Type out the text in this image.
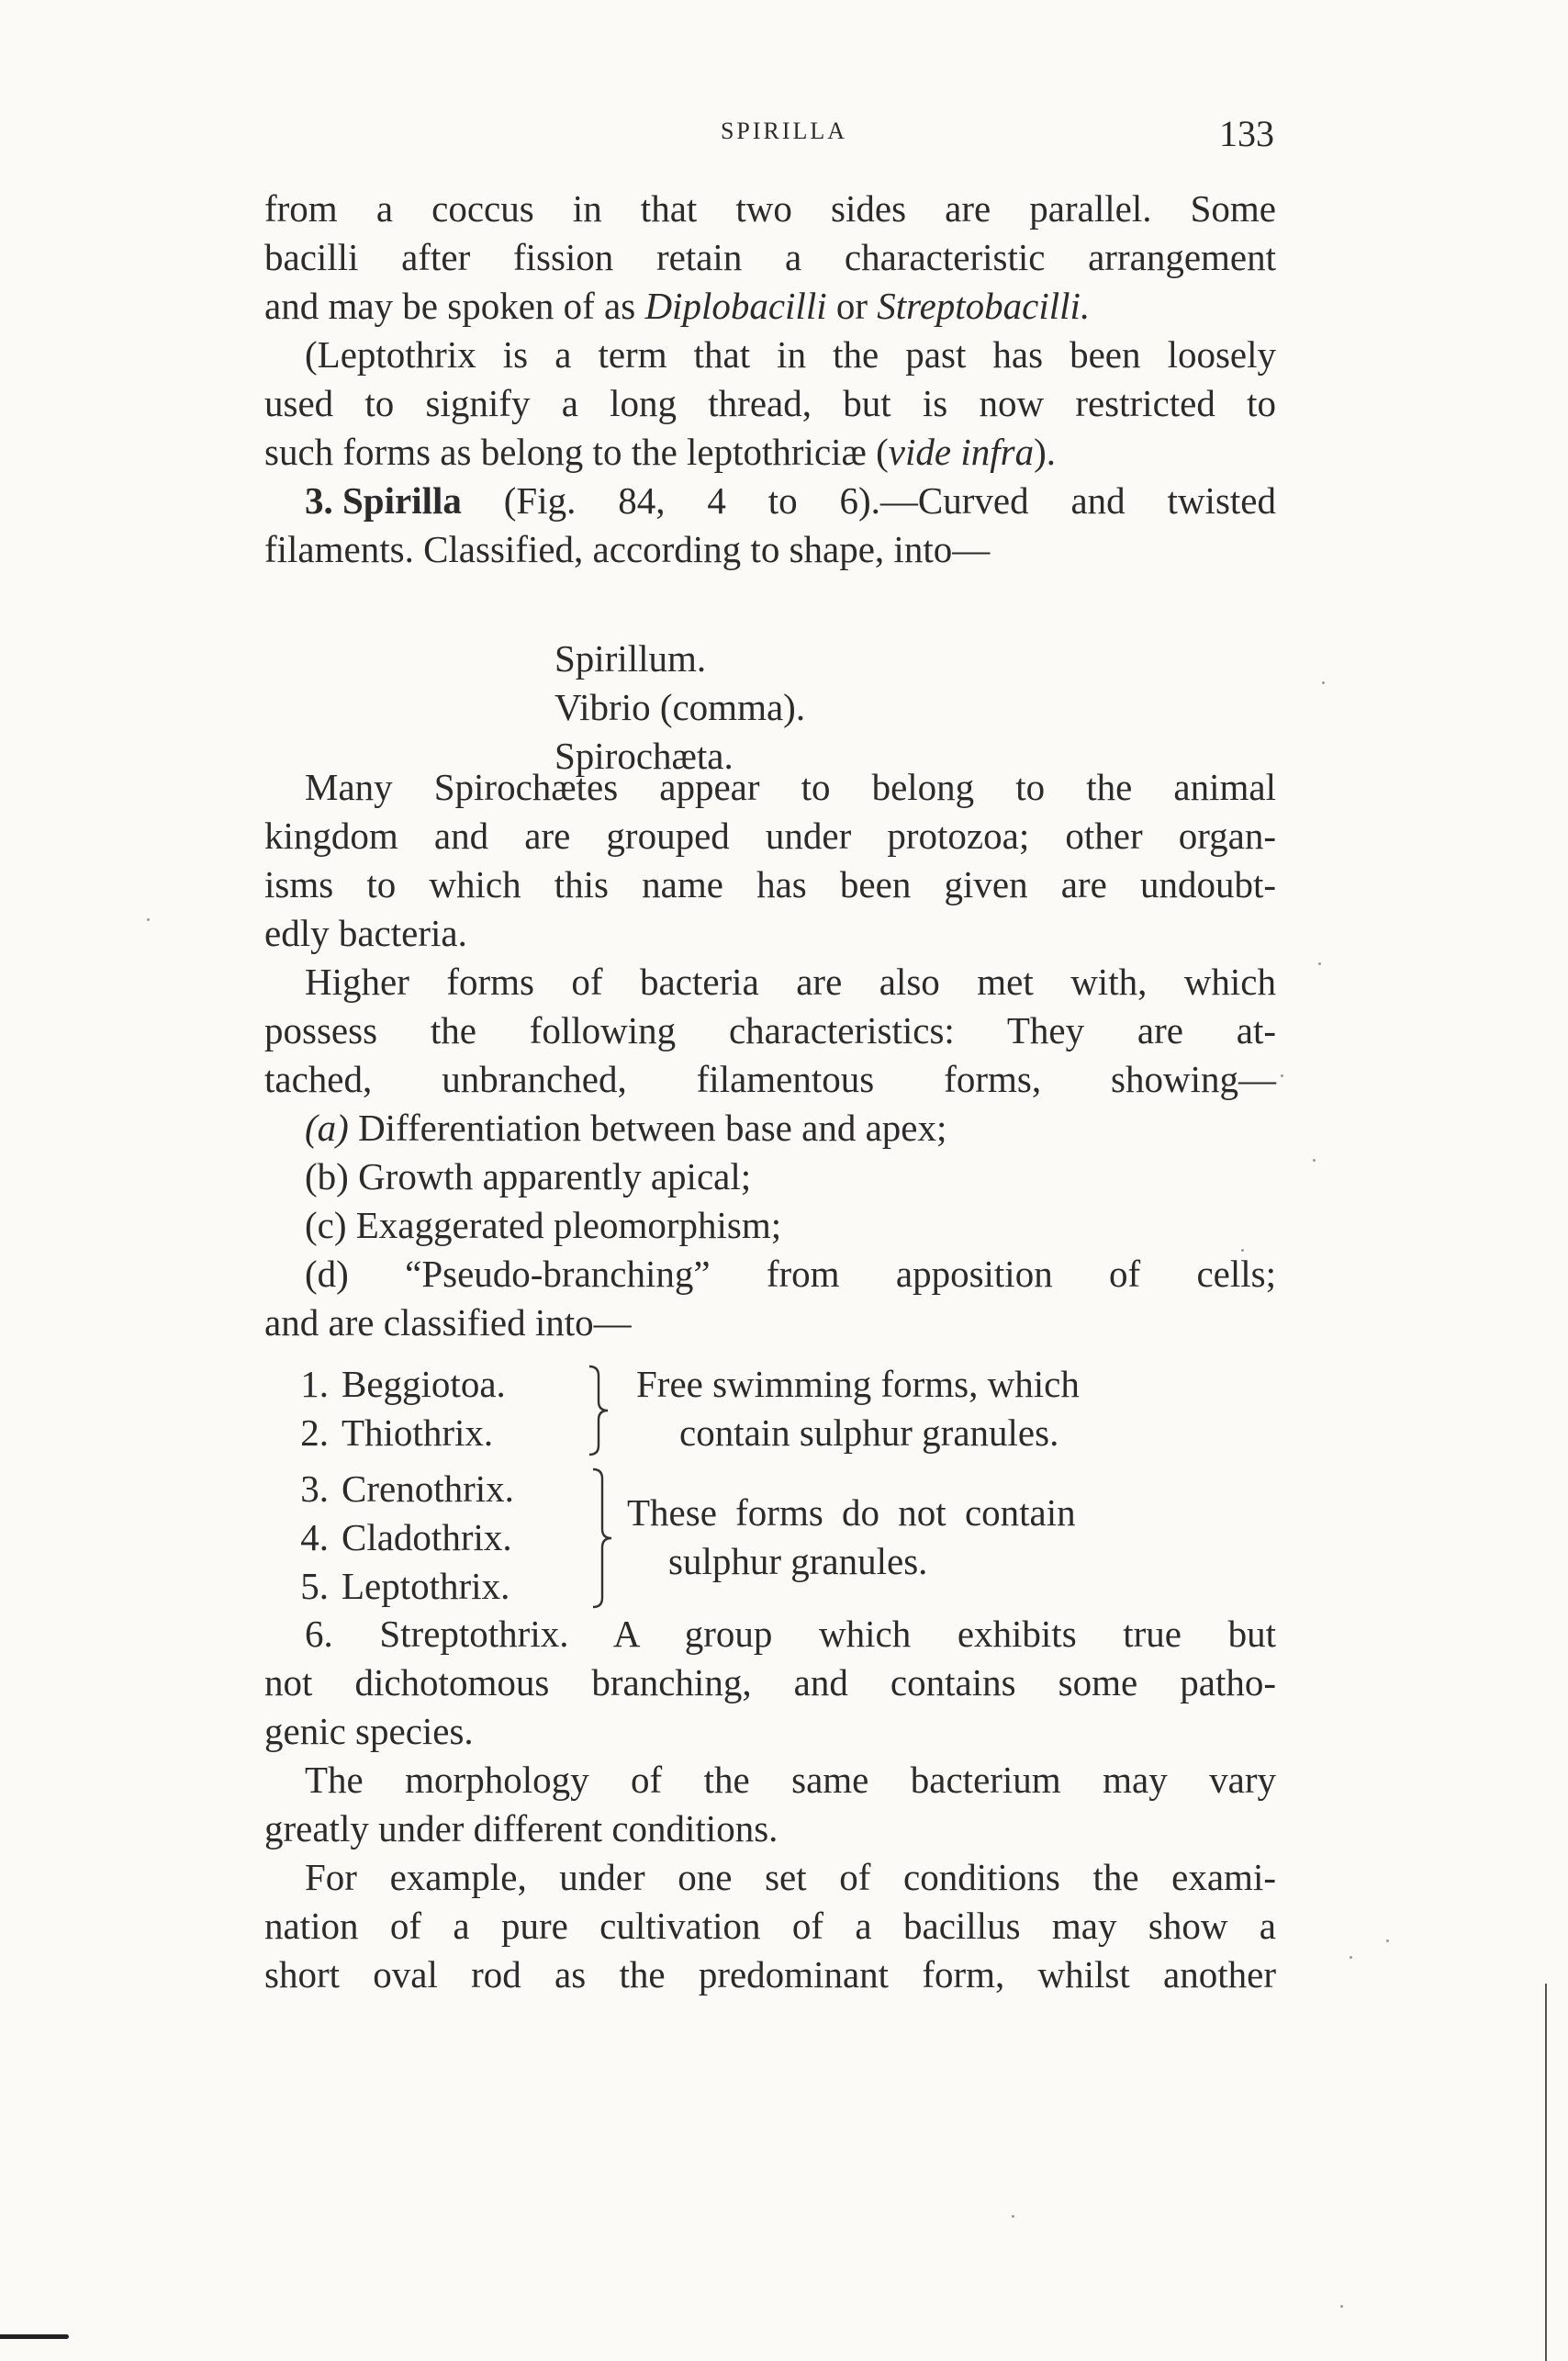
SPIRILLA	133
from a coccus in that two sides are parallel. Some
bacilli after fission retain a characteristic arrangement
and may be spoken of as Diplobacilli or Streptobacilli.
(Leptothrix is a term that in the past has been loosely
used to signify a long thread, but is now restricted to
such forms as belong to the leptothriciæ (vide infra).
3. Spirilla (Fig. 84, 4 to 6).—Curved and twisted
filaments. Classified, according to shape, into—
Spirillum.
Vibrio (comma).
Spirochæta.
Many Spirochætes appear to belong to the animal
kingdom and are grouped under protozoa; other organ-
isms to which this name has been given are undoubt-
edly bacteria.
Higher forms of bacteria are also met with, which
possess the following characteristics: They are at-
tached, unbranched, filamentous forms, showing—
(a) Differentiation between base and apex;
(b) Growth apparently apical;
(c) Exaggerated pleomorphism;
(d) “Pseudo-branching” from apposition of cells;
and are classified into—
1. Beggiotoa.
2. Thiothrix.
3. Crenothrix.
4. Cladothrix.
5. Leptothrix.
Free swimming forms, which
contain sulphur granules.
These forms do not contain
sulphur granules.
6. Streptothrix. A group which exhibits true but
not dichotomous branching, and contains some patho-
genic species.
The morphology of the same bacterium may vary
greatly under different conditions.
For example, under one set of conditions the exami-
nation of a pure cultivation of a bacillus may show a
short oval rod as the predominant form, whilst another
